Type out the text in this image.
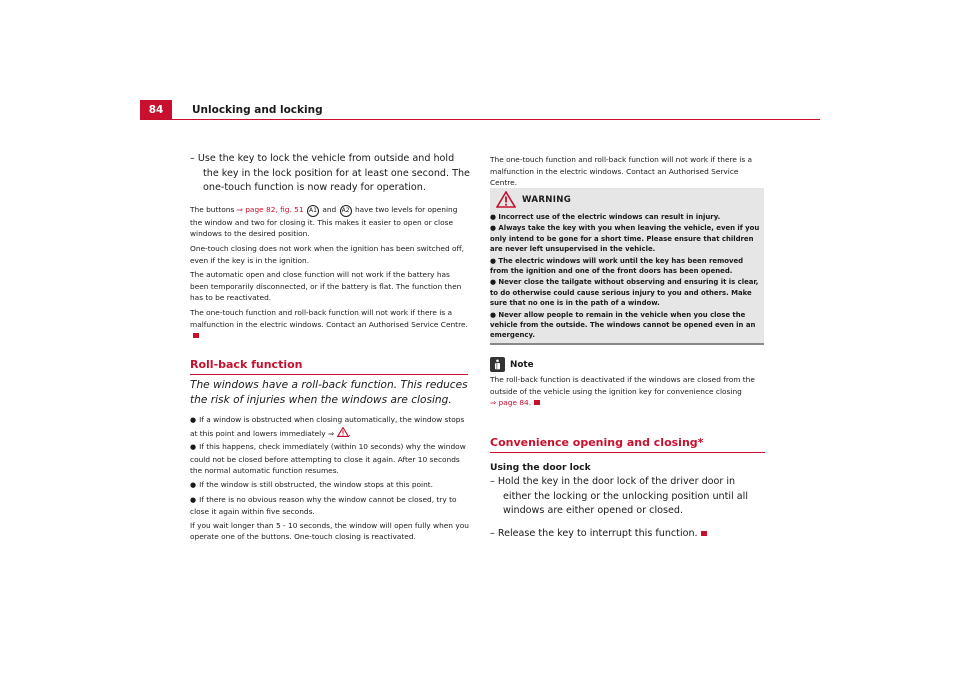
84	Unlocking and locking

– Use the key to lock the vehicle from outside and hold the key in the lock position for at least one second. The one-touch function is now ready for operation.

The buttons ⇒ page 82, fig. 51 A1 and A2 have two levels for opening the window and two for closing it. This makes it easier to open or close windows to the desired position.

One-touch closing does not work when the ignition has been switched off, even if the key is in the ignition.

The automatic open and close function will not work if the battery has been temporarily disconnected, or if the battery is flat. The function then has to be reactivated.

The one-touch function and roll-back function will not work if there is a malfunction in the electric windows. Contact an Authorised Service Centre.

Roll-back function
The windows have a roll-back function. This reduces the risk of injuries when the windows are closing.

● If a window is obstructed when closing automatically, the window stops at this point and lowers immediately ⇒ .

● If this happens, check immediately (within 10 seconds) why the window could not be closed before attempting to close it again. After 10 seconds the normal automatic function resumes.

● If the window is still obstructed, the window stops at this point.

● If there is no obvious reason why the window cannot be closed, try to close it again within five seconds.

If you wait longer than 5 - 10 seconds, the window will open fully when you operate one of the buttons. One-touch closing is reactivated.

The one-touch function and roll-back function will not work if there is a malfunction in the electric windows. Contact an Authorised Service Centre.

WARNING

● Incorrect use of the electric windows can result in injury.

● Always take the key with you when leaving the vehicle, even if you only intend to be gone for a short time. Please ensure that children are never left unsupervised in the vehicle.

● The electric windows will work until the key has been removed from the ignition and one of the front doors has been opened.

● Never close the tailgate without observing and ensuring it is clear, to do otherwise could cause serious injury to you and others. Make sure that no one is in the path of a window.

● Never allow people to remain in the vehicle when you close the vehicle from the outside. The windows cannot be opened even in an emergency.

Note

The roll-back function is deactivated if the windows are closed from the outside of the vehicle using the ignition key for convenience closing
⇒ page 84.

Convenience opening and closing*
Using the door lock

– Hold the key in the door lock of the driver door in either the locking or the unlocking position until all windows are either opened or closed.

– Release the key to interrupt this function.
